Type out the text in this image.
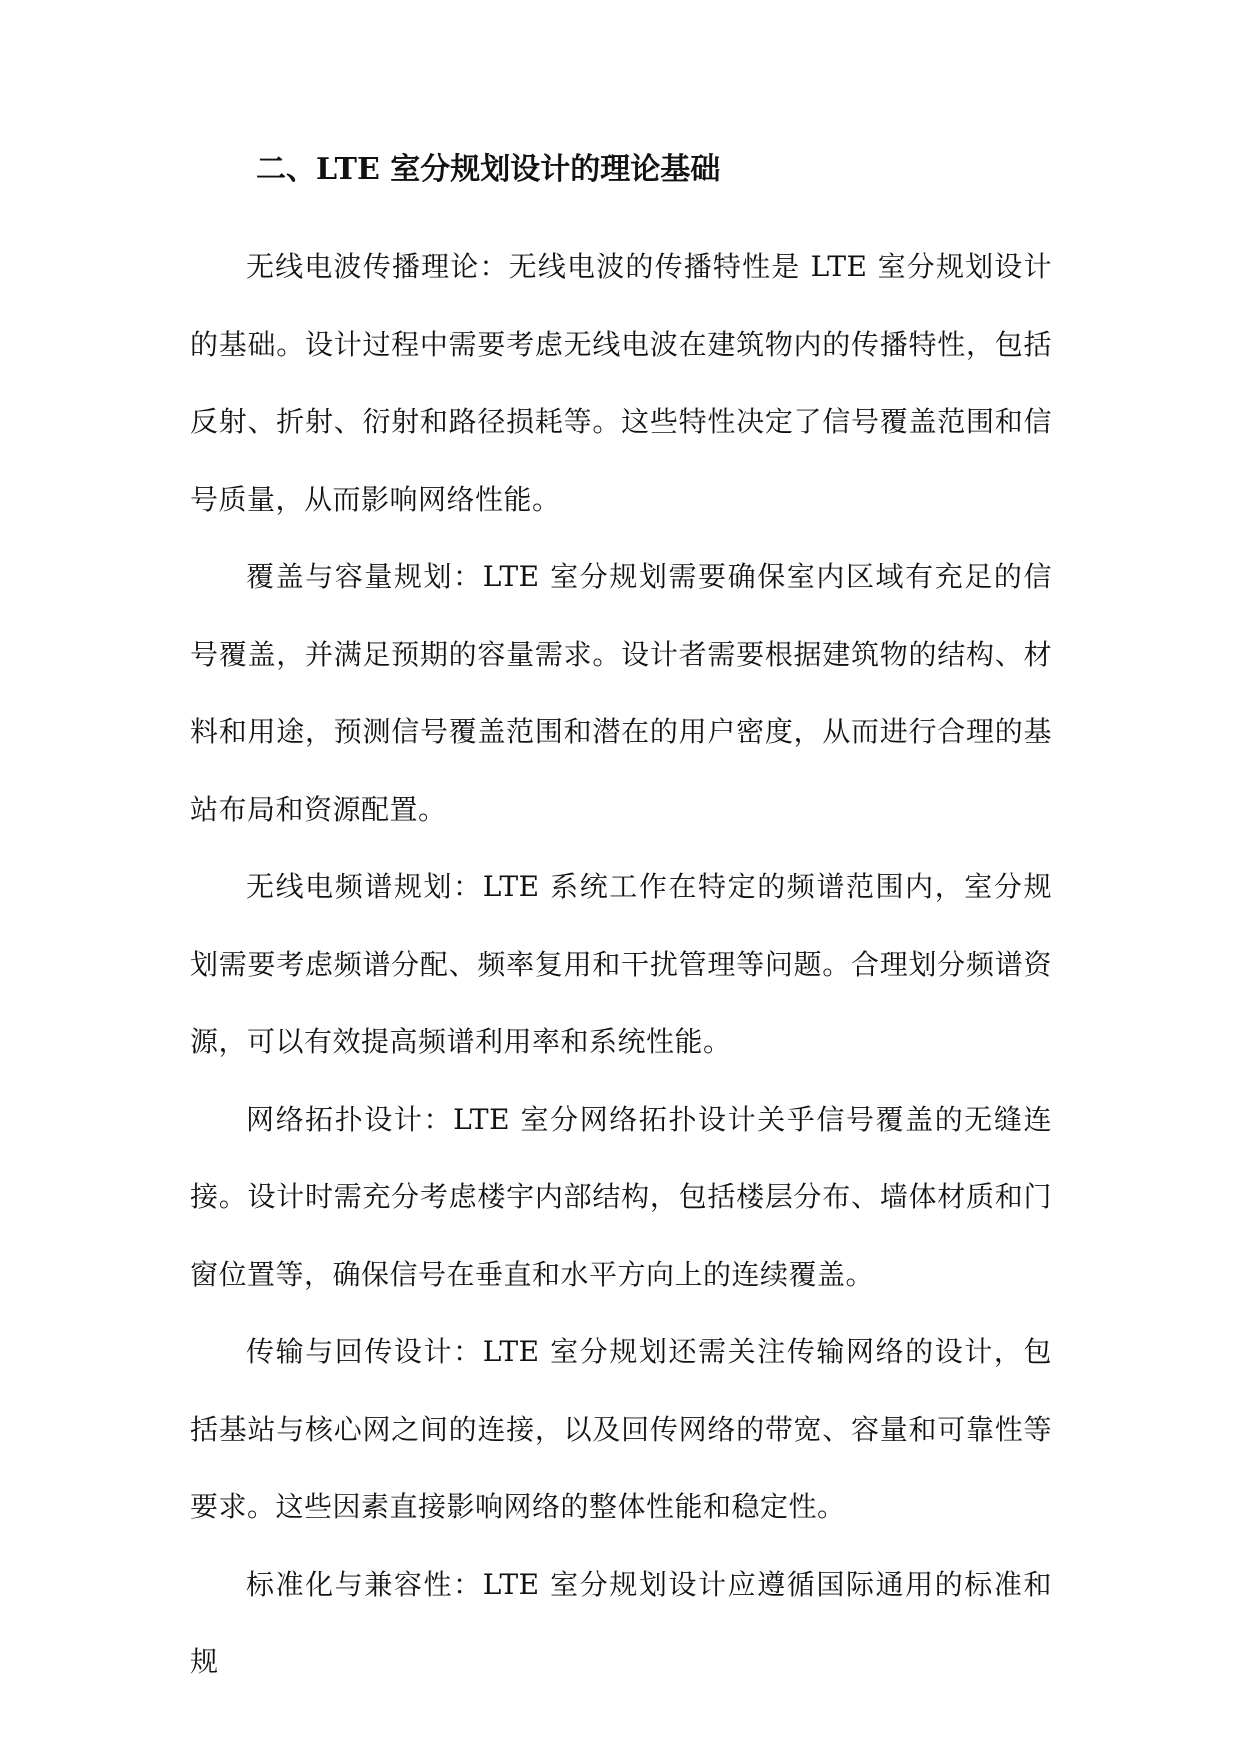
二、LTE 室分规划设计的理论基础

无线电波传播理论：无线电波的传播特性是 LTE 室分规划设计的基础。设计过程中需要考虑无线电波在建筑物内的传播特性，包括反射、折射、衍射和路径损耗等。这些特性决定了信号覆盖范围和信号质量，从而影响网络性能。

覆盖与容量规划：LTE 室分规划需要确保室内区域有充足的信号覆盖，并满足预期的容量需求。设计者需要根据建筑物的结构、材料和用途，预测信号覆盖范围和潜在的用户密度，从而进行合理的基站布局和资源配置。

无线电频谱规划：LTE 系统工作在特定的频谱范围内，室分规划需要考虑频谱分配、频率复用和干扰管理等问题。合理划分频谱资源，可以有效提高频谱利用率和系统性能。

网络拓扑设计：LTE 室分网络拓扑设计关乎信号覆盖的无缝连接。设计时需充分考虑楼宇内部结构，包括楼层分布、墙体材质和门窗位置等，确保信号在垂直和水平方向上的连续覆盖。

传输与回传设计：LTE 室分规划还需关注传输网络的设计，包括基站与核心网之间的连接，以及回传网络的带宽、容量和可靠性等要求。这些因素直接影响网络的整体性能和稳定性。

标准化与兼容性：LTE 室分规划设计应遵循国际通用的标准和规
